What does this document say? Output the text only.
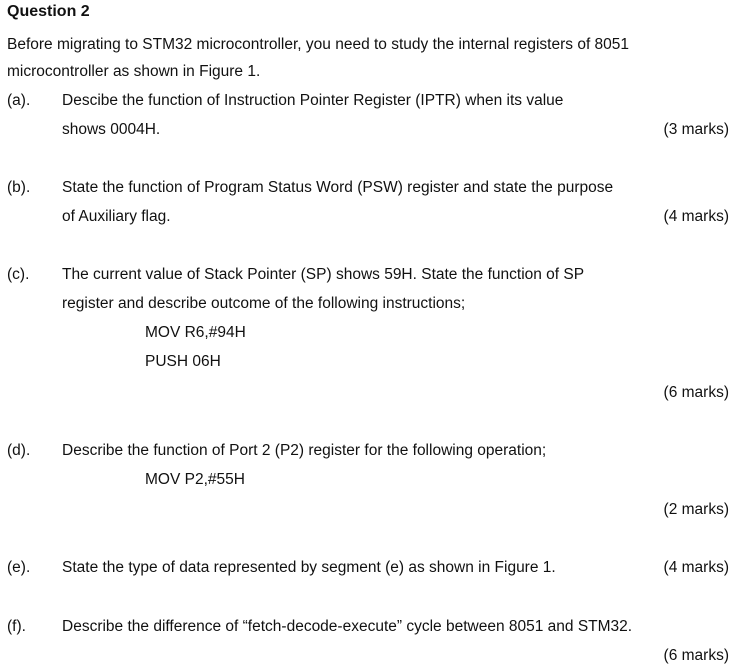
Question 2
Before migrating to STM32 microcontroller, you need to study the internal registers of 8051
microcontroller as shown in Figure 1.
(a). Descibe the function of Instruction Pointer Register (IPTR) when its value
shows 0004H.	(3 marks)
(b). State the function of Program Status Word (PSW) register and state the purpose
of Auxiliary flag.	(4 marks)
(c). The current value of Stack Pointer (SP) shows 59H. State the function of SP
register and describe outcome of the following instructions;
MOV R6,#94H
PUSH 06H
(6 marks)
(d). Describe the function of Port 2 (P2) register for the following operation;
MOV P2,#55H
(2 marks)
(e). State the type of data represented by segment (e) as shown in Figure 1.	(4 marks)
(f). Describe the difference of “fetch-decode-execute” cycle between 8051 and STM32.
(6 marks)
